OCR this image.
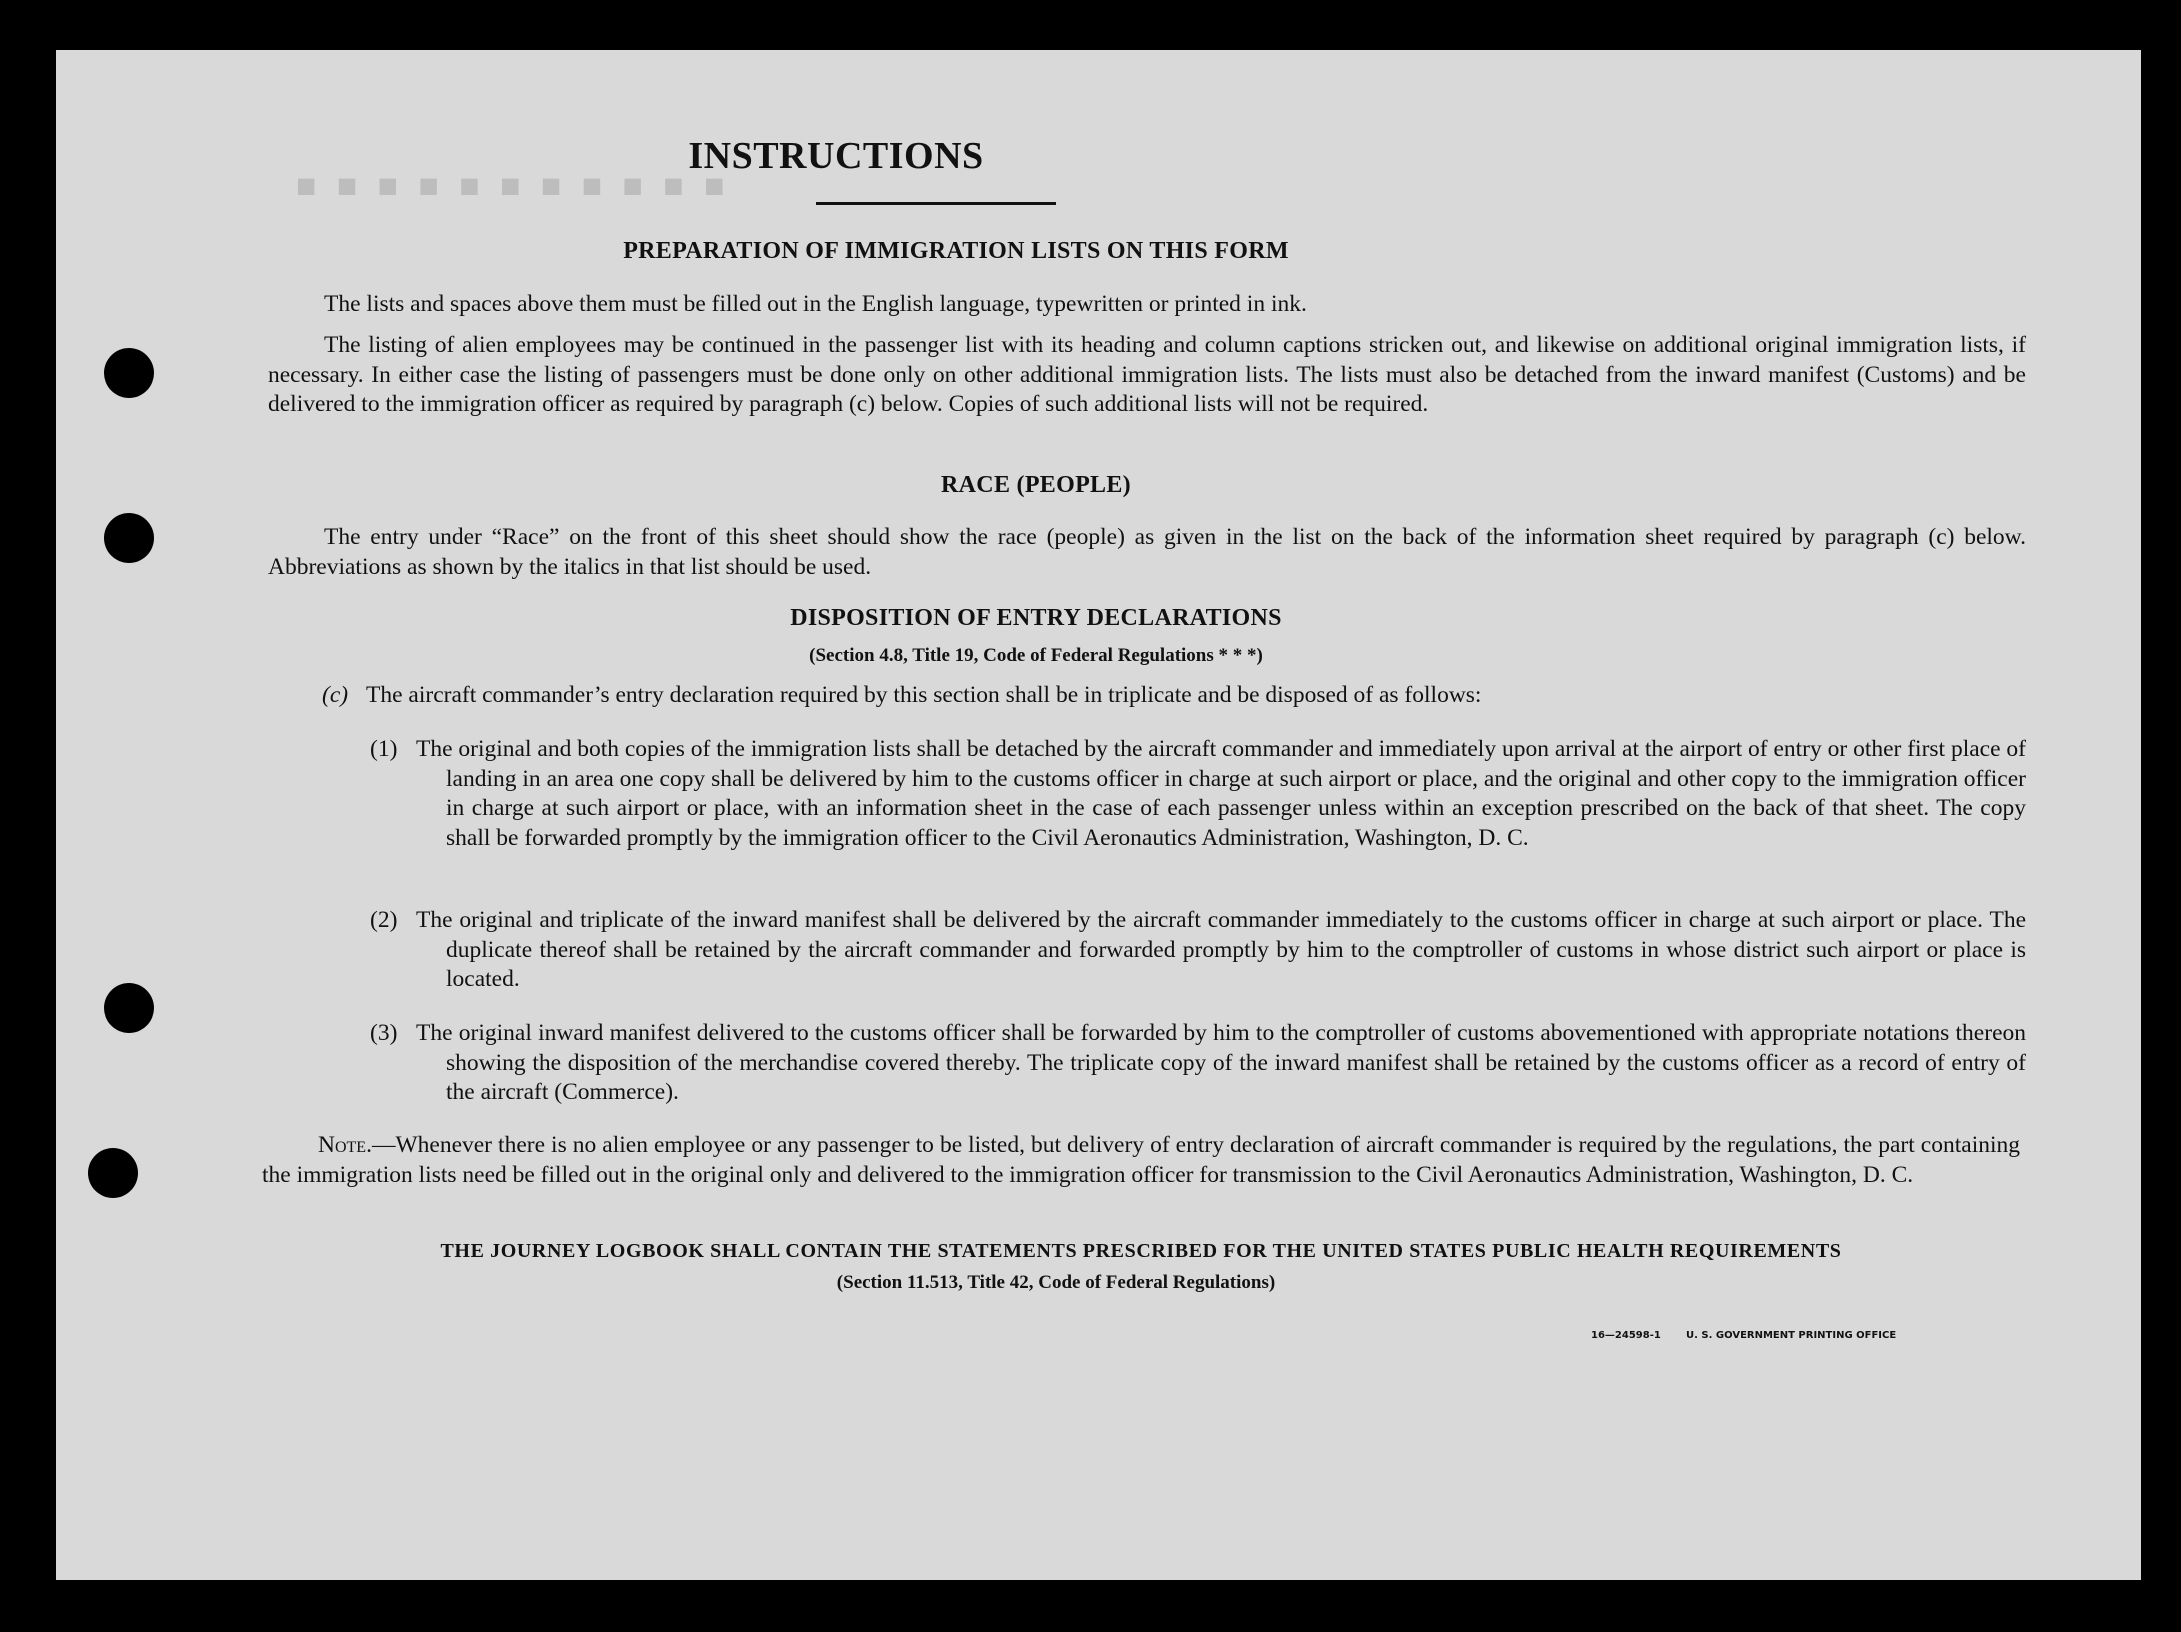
■ ■ ■ ■ ■ ■ ■ ■ ■ ■ ■
INSTRUCTIONS
PREPARATION OF IMMIGRATION LISTS ON THIS FORM
The lists and spaces above them must be filled out in the English language, typewritten or printed in ink.
The listing of alien employees may be continued in the passenger list with its heading and column captions stricken out, and likewise on additional original immigration lists, if necessary. In either case the listing of passengers must be done only on other additional immigration lists. The lists must also be detached from the inward manifest (Customs) and be delivered to the immigration officer as required by paragraph (c) below. Copies of such additional lists will not be required.
RACE (PEOPLE)
The entry under “Race” on the front of this sheet should show the race (people) as given in the list on the back of the information sheet required by paragraph (c) below. Abbreviations as shown by the italics in that list should be used.
DISPOSITION OF ENTRY DECLARATIONS
(Section 4.8, Title 19, Code of Federal Regulations * * *)
(c) The aircraft commander’s entry declaration required by this section shall be in triplicate and be disposed of as follows:
(1) The original and both copies of the immigration lists shall be detached by the aircraft commander and immediately upon arrival at the airport of entry or other first place of landing in an area one copy shall be delivered by him to the customs officer in charge at such airport or place, and the original and other copy to the immigration officer in charge at such airport or place, with an information sheet in the case of each passenger unless within an exception prescribed on the back of that sheet. The copy shall be forwarded promptly by the immigration officer to the Civil Aeronautics Administration, Washington, D. C.
(2) The original and triplicate of the inward manifest shall be delivered by the aircraft commander immediately to the customs officer in charge at such airport or place. The duplicate thereof shall be retained by the aircraft commander and forwarded promptly by him to the comptroller of customs in whose district such airport or place is located.
(3) The original inward manifest delivered to the customs officer shall be forwarded by him to the comptroller of customs abovementioned with appropriate notations thereon showing the disposition of the merchandise covered thereby. The triplicate copy of the inward manifest shall be retained by the customs officer as a record of entry of the aircraft (Commerce).
Note.—Whenever there is no alien employee or any passenger to be listed, but delivery of entry declaration of aircraft commander is required by the regulations, the part containing the immigration lists need be filled out in the original only and delivered to the immigration officer for transmission to the Civil Aeronautics Administration, Washington, D. C.
THE JOURNEY LOGBOOK SHALL CONTAIN THE STATEMENTS PRESCRIBED FOR THE UNITED STATES PUBLIC HEALTH REQUIREMENTS
(Section 11.513, Title 42, Code of Federal Regulations)
16—24598-1	U. S. GOVERNMENT PRINTING OFFICE
